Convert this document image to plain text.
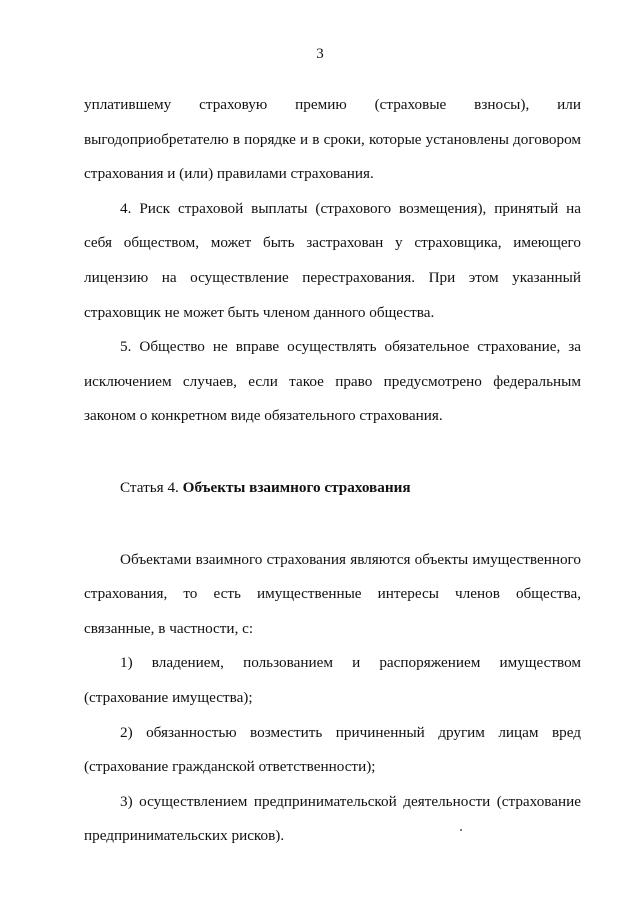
3

уплатившему страховую премию (страховые взносы), или выгодоприобретателю в порядке и в сроки, которые установлены договором страхования и (или) правилами страхования.

4. Риск страховой выплаты (страхового возмещения), принятый на себя обществом, может быть застрахован у страховщика, имеющего лицензию на осуществление перестрахования. При этом указанный страховщик не может быть членом данного общества.

5. Общество не вправе осуществлять обязательное страхование, за исключением случаев, если такое право предусмотрено федеральным законом о конкретном виде обязательного страхования.

Статья 4. Объекты взаимного страхования

Объектами взаимного страхования являются объекты имущественного страхования, то есть имущественные интересы членов общества, связанные, в частности, с:

1) владением, пользованием и распоряжением имуществом (страхование имущества);

2) обязанностью возместить причиненный другим лицам вред (страхование гражданской ответственности);

3) осуществлением предпринимательской деятельности (страхование предпринимательских рисков).
